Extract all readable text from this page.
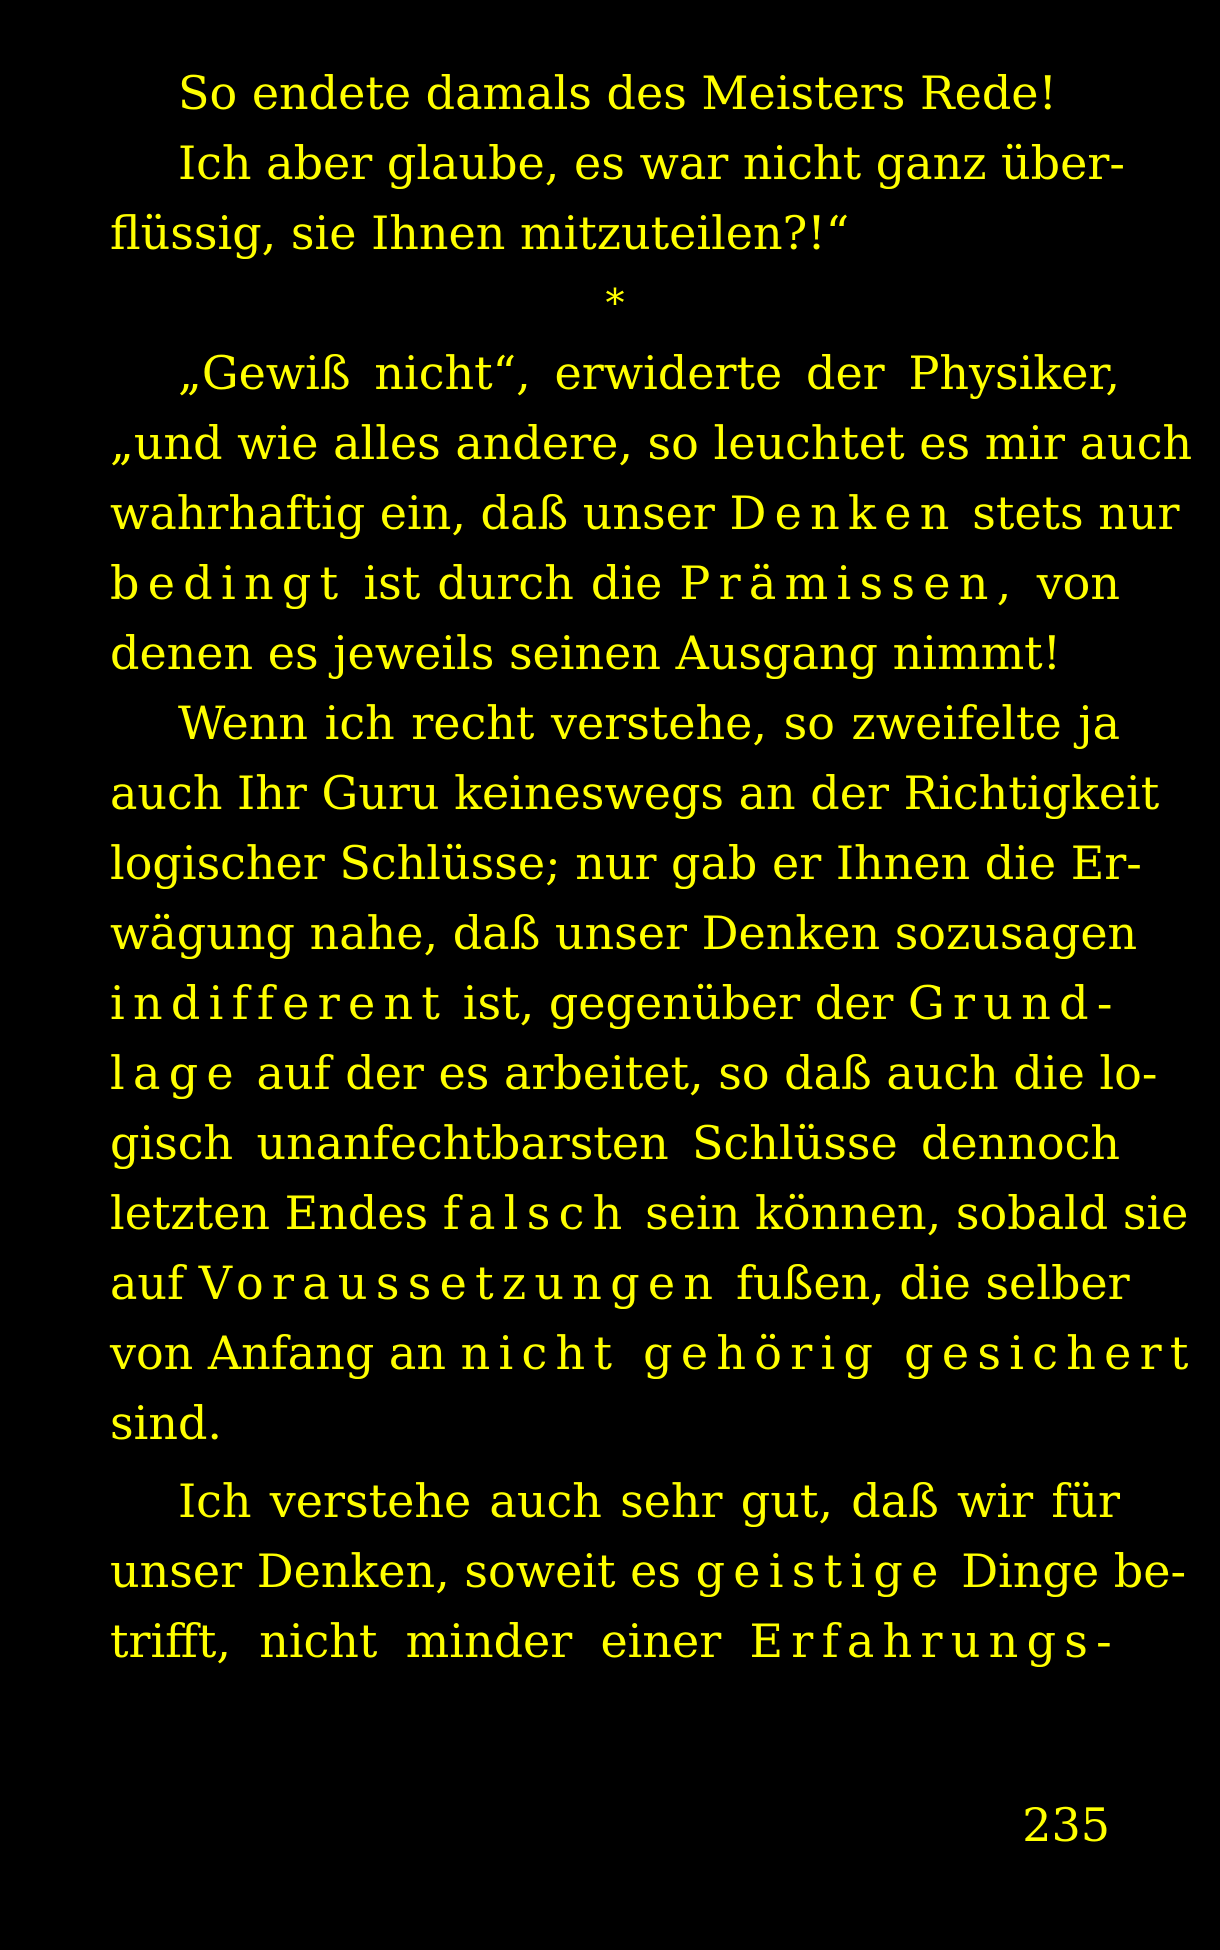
So endete damals des Meisters Rede!
Ich aber glaube, es war nicht ganz über-
flüssig, sie Ihnen mitzuteilen?!“
*
„Gewiß nicht“, erwiderte der Physiker,
„und wie alles andere, so leuchtet es mir auch
wahrhaftig ein, daß unser Denken stets nur
bedingt ist durch die Prämissen, von
denen es jeweils seinen Ausgang nimmt!
Wenn ich recht verstehe, so zweifelte ja
auch Ihr Guru keineswegs an der Richtigkeit
logischer Schlüsse; nur gab er Ihnen die Er-
wägung nahe, daß unser Denken sozusagen
indifferent ist, gegenüber der Grund-
lage auf der es arbeitet, so daß auch die lo-
gisch unanfechtbarsten Schlüsse dennoch
letzten Endes falsch sein können, sobald sie
auf Voraussetzungen fußen, die selber
von Anfang an nicht gehörig gesichert
sind.
Ich verstehe auch sehr gut, daß wir für
unser Denken, soweit es geistige Dinge be-
trifft, nicht minder einer Erfahrungs-
235
